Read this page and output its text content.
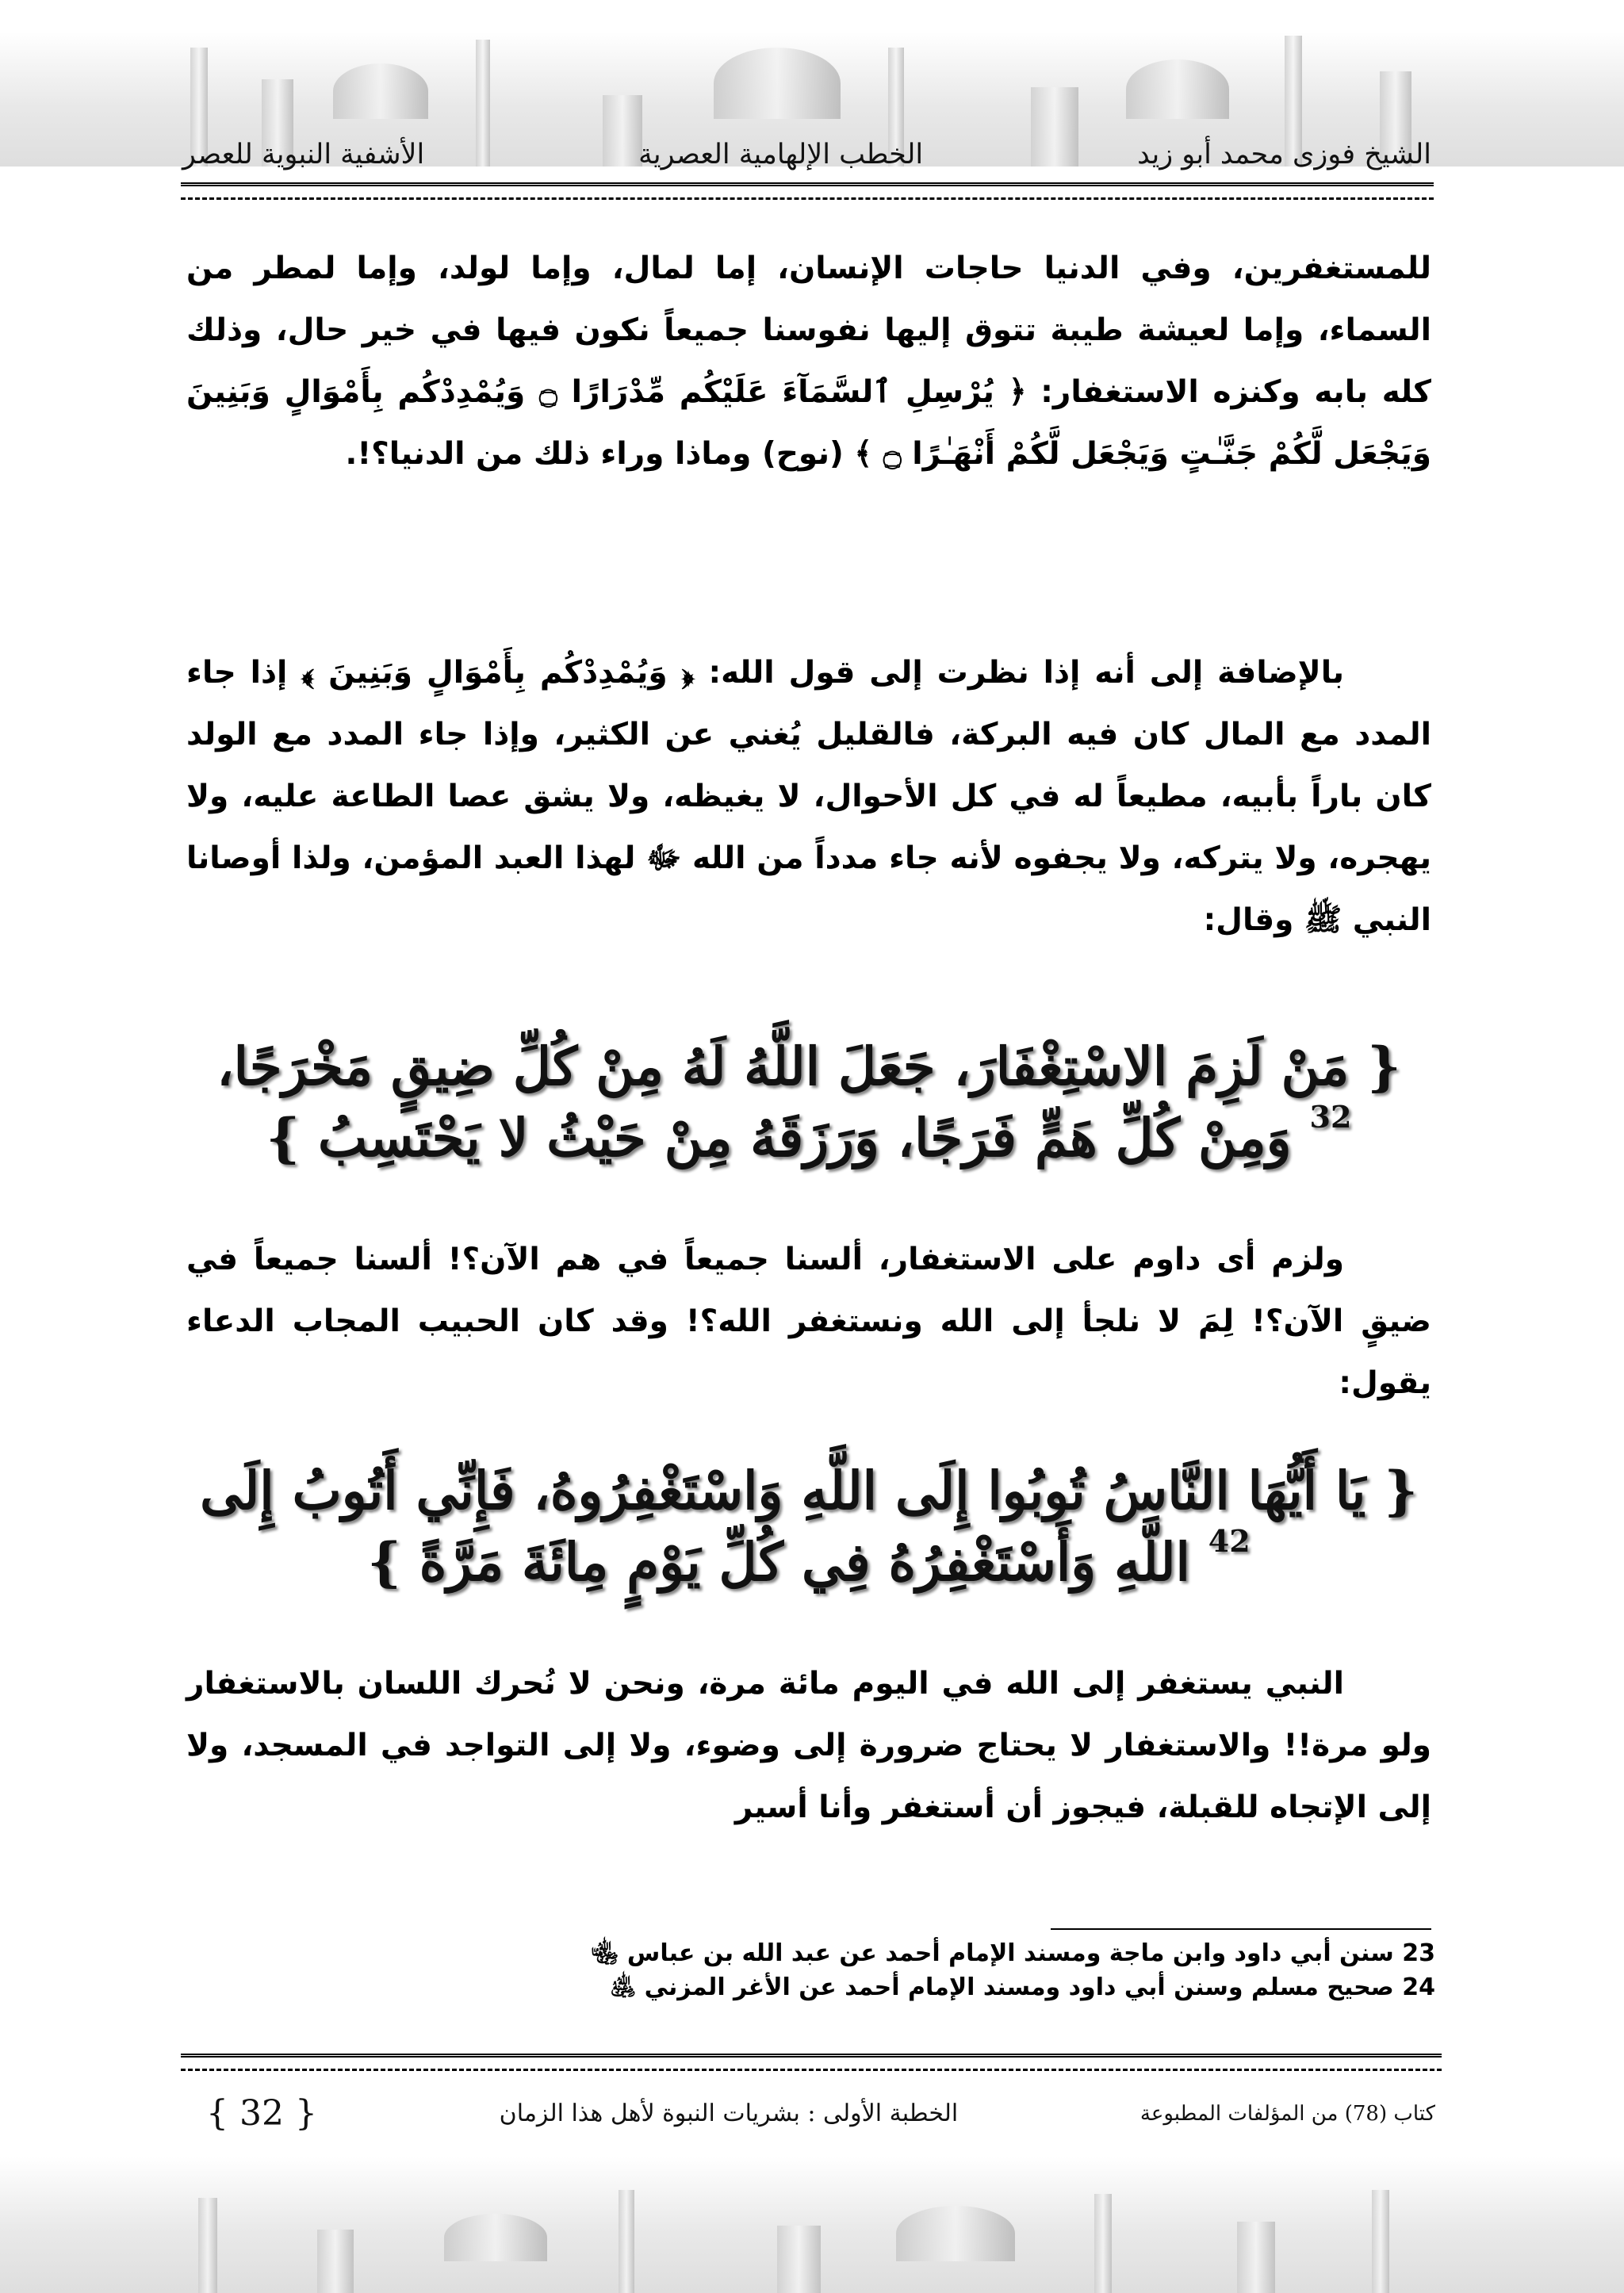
الشيخ فوزى محمد أبو زيد
الخطب الإلهامية العصرية
الأشفية النبوية للعصر
للمستغفرين، وفي الدنيا حاجات الإنسان، إما لمال، وإما لولد، وإما لمطر من السماء، وإما لعيشة طيبة تتوق إليها نفوسنا جميعاً نكون فيها في خير حال، وذلك كله بابه وكنزه الاستغفار: ﴿ يُرْسِلِ ٱلسَّمَآءَ عَلَيْكُم مِّدْرَارًا ۝ وَيُمْدِدْكُم بِأَمْوَالٍ وَبَنِينَ وَيَجْعَل لَّكُمْ جَنَّـٰتٍ وَيَجْعَل لَّكُمْ أَنْهَـٰرًا ۝ ﴾ (نوح) وماذا وراء ذلك من الدنيا؟!.
بالإضافة إلى أنه إذا نظرت إلى قول الله: ﴿ وَيُمْدِدْكُم بِأَمْوَالٍ وَبَنِينَ ﴾ إذا جاء المدد مع المال كان فيه البركة، فالقليل يُغني عن الكثير، وإذا جاء المدد مع الولد كان باراً بأبيه، مطيعاً له في كل الأحوال، لا يغيظه، ولا يشق عصا الطاعة عليه، ولا يهجره، ولا يتركه، ولا يجفوه لأنه جاء مدداً من الله ﷻ لهذا العبد المؤمن، ولذا أوصانا النبي ﷺ وقال:
{ مَنْ لَزِمَ الاسْتِغْفَارَ، جَعَلَ اللَّهُ لَهُ مِنْ كُلِّ ضِيقٍ مَخْرَجًا،
$^{32}$ وَمِنْ كُلِّ هَمٍّ فَرَجًا، وَرَزَقَهُ مِنْ حَيْثُ لا يَحْتَسِبُ }
ولزم أى داوم على الاستغفار، ألسنا جميعاً في هم الآن؟! ألسنا جميعاً في ضيقٍ الآن؟! لِمَ لا نلجأ إلى الله ونستغفر الله؟! وقد كان الحبيب المجاب الدعاء يقول:
{ يَا أَيُّهَا النَّاسُ تُوبُوا إِلَى اللَّهِ وَاسْتَغْفِرُوهُ، فَإِنِّي أَتُوبُ إِلَى
$^{42}$ اللَّهِ وَأَسْتَغْفِرُهُ فِي كُلِّ يَوْمٍ مِائَةَ مَرَّةً }
النبي يستغفر إلى الله في اليوم مائة مرة، ونحن لا نُحرك اللسان بالاستغفار ولو مرة!! والاستغفار لا يحتاج ضرورة إلى وضوء، ولا إلى التواجد في المسجد، ولا إلى الإتجاه للقبلة، فيجوز أن أستغفر وأنا أسير
23 سنن أبي داود وابن ماجة ومسند الإمام أحمد عن عبد الله بن عباس ﵄
24 صحيح مسلم وسنن أبي داود ومسند الإمام أحمد عن الأغر المزني ﵁
كتاب (78) من المؤلفات المطبوعة
الخطبة الأولى : بشريات النبوة لأهل هذا الزمان
{ 32 }
